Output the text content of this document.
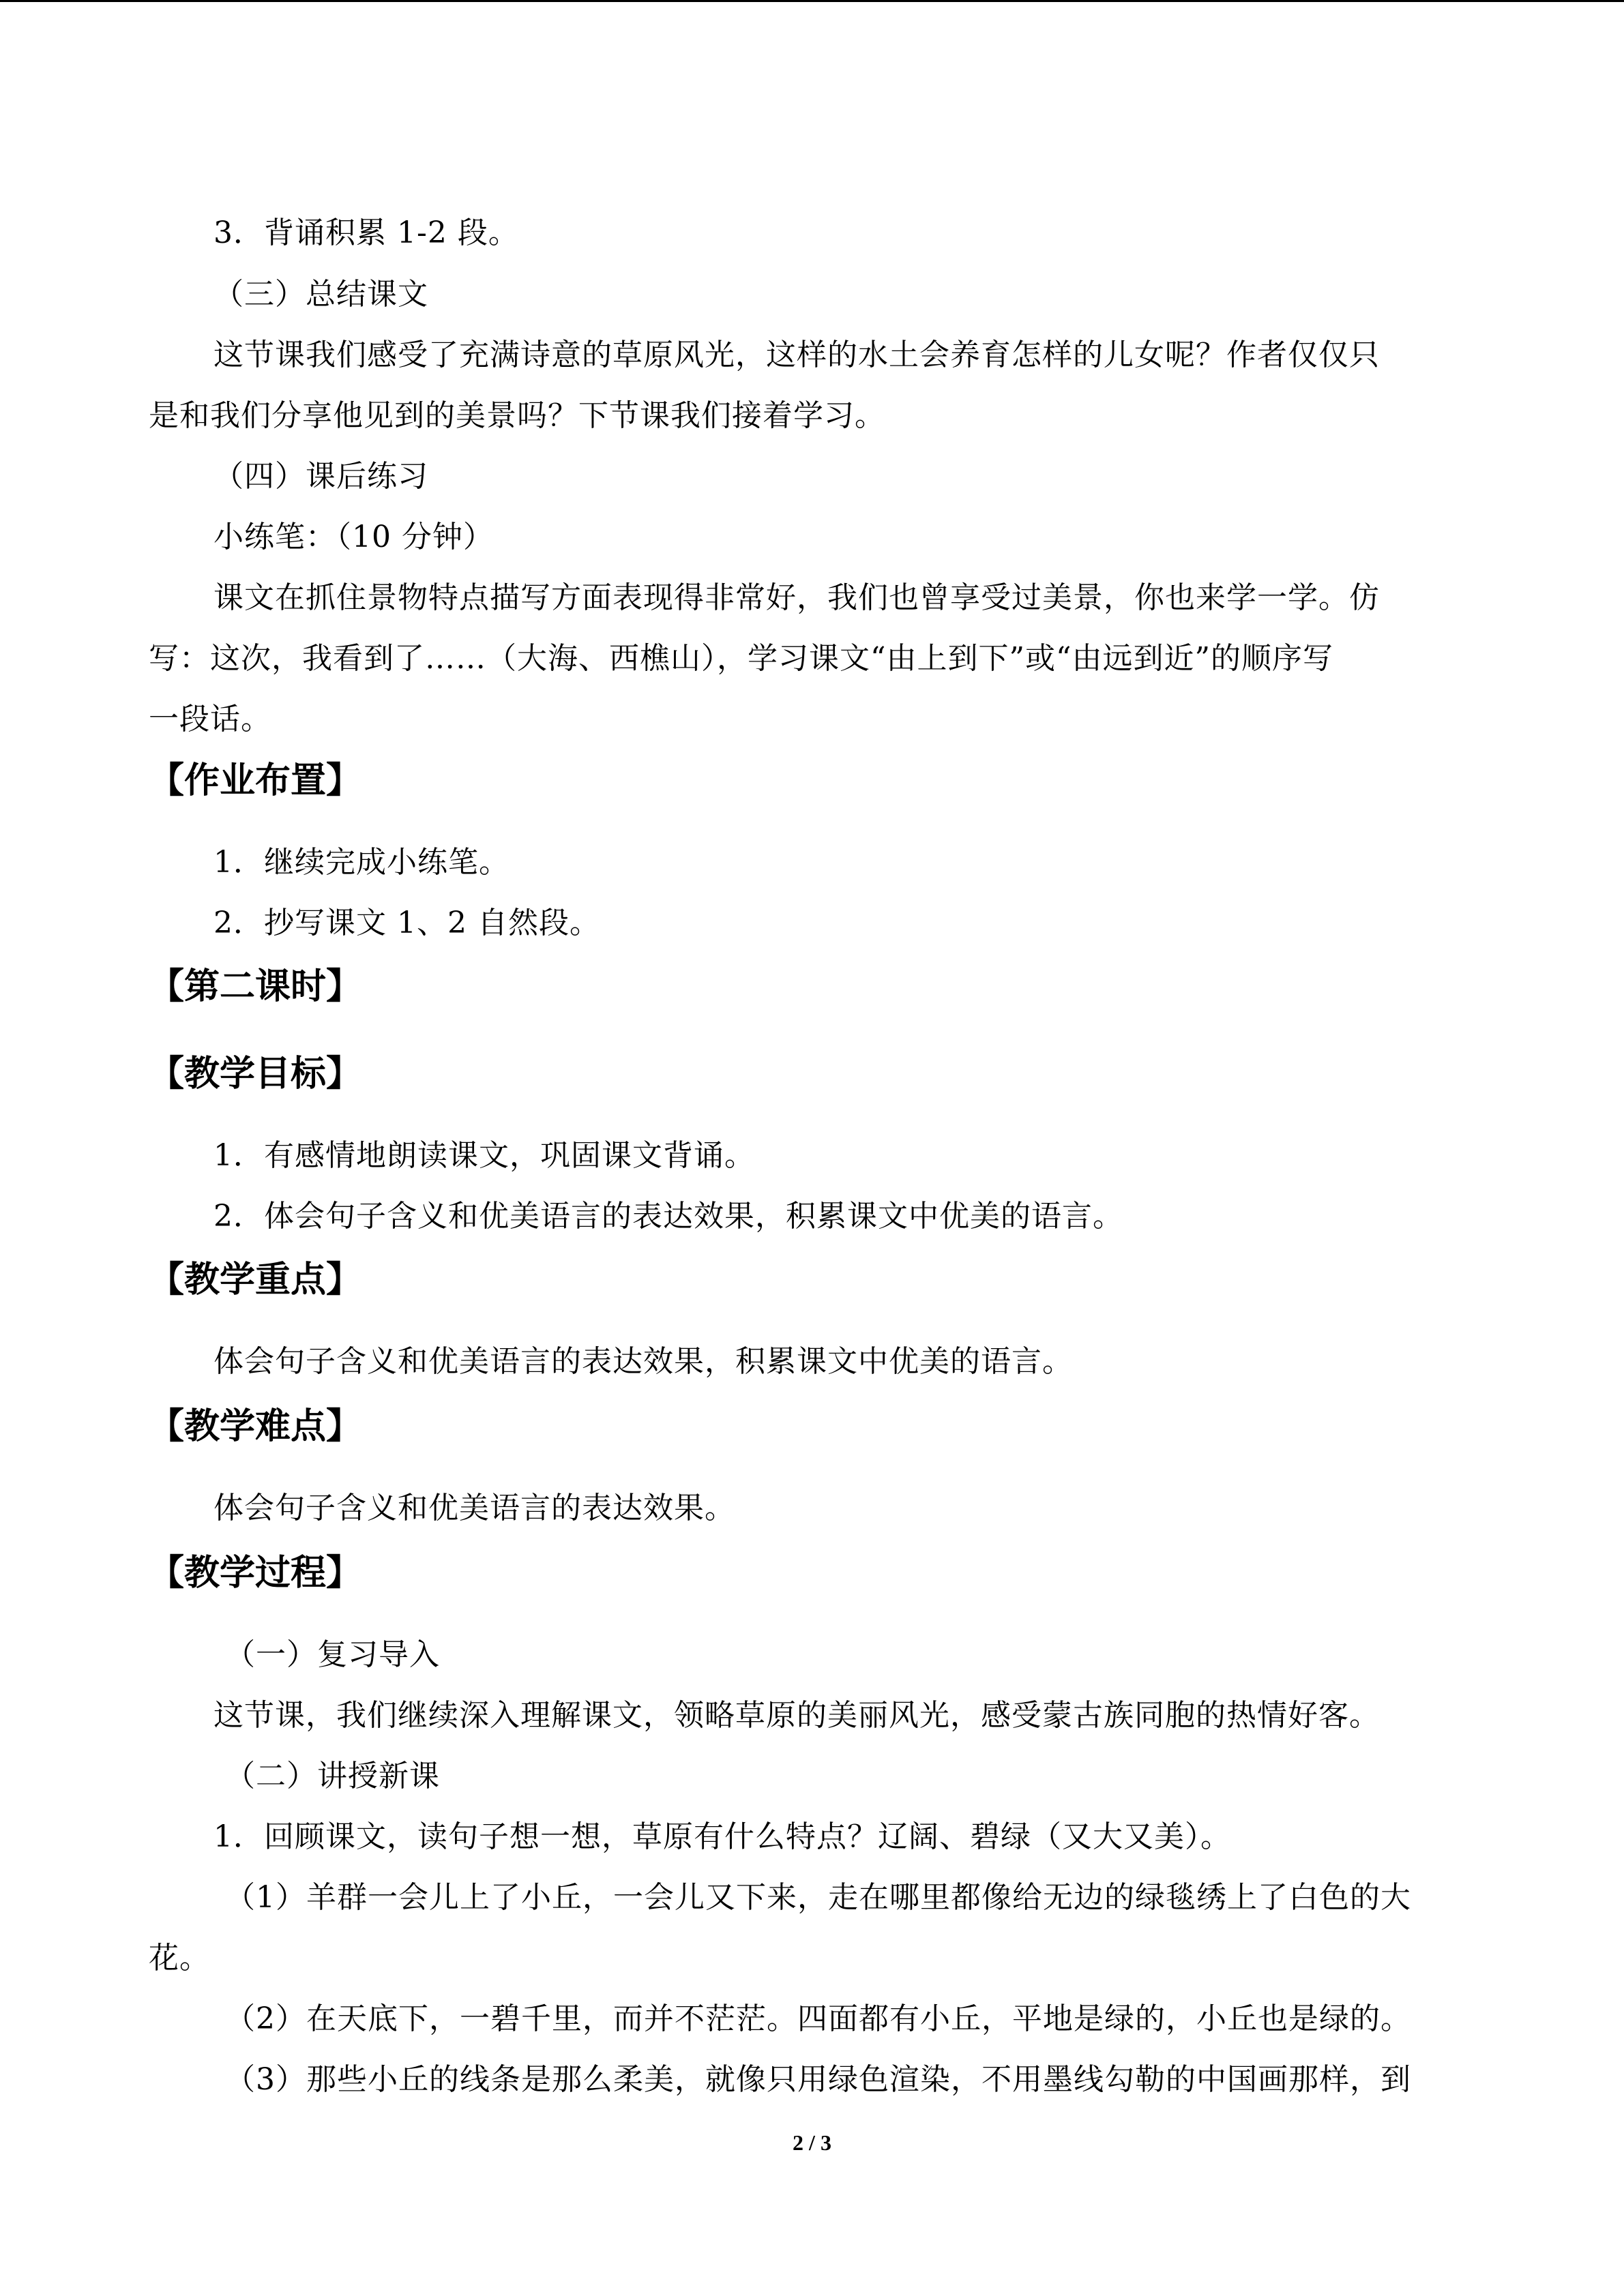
3．背诵积累 1-2 段。
（三）总结课文
这节课我们感受了充满诗意的草原风光，这样的水土会养育怎样的儿女呢？作者仅仅只
是和我们分享他见到的美景吗？下节课我们接着学习。
（四）课后练习
小练笔：（10 分钟）
课文在抓住景物特点描写方面表现得非常好，我们也曾享受过美景，你也来学一学。仿
写：这次，我看到了……（大海、西樵山），学习课文“由上到下”或“由远到近”的顺序写
一段话。
【作业布置】
1．继续完成小练笔。
2．抄写课文 1、2 自然段。
【第二课时】
【教学目标】
1．有感情地朗读课文，巩固课文背诵。
2．体会句子含义和优美语言的表达效果，积累课文中优美的语言。
【教学重点】
体会句子含义和优美语言的表达效果，积累课文中优美的语言。
【教学难点】
体会句子含义和优美语言的表达效果。
【教学过程】
（一）复习导入
这节课，我们继续深入理解课文，领略草原的美丽风光，感受蒙古族同胞的热情好客。
（二）讲授新课
1．回顾课文，读句子想一想，草原有什么特点？辽阔、碧绿（又大又美）。
（1）羊群一会儿上了小丘，一会儿又下来，走在哪里都像给无边的绿毯绣上了白色的大
花。
（2）在天底下，一碧千里，而并不茫茫。四面都有小丘，平地是绿的，小丘也是绿的。
（3）那些小丘的线条是那么柔美，就像只用绿色渲染，不用墨线勾勒的中国画那样，到
2 / 3
